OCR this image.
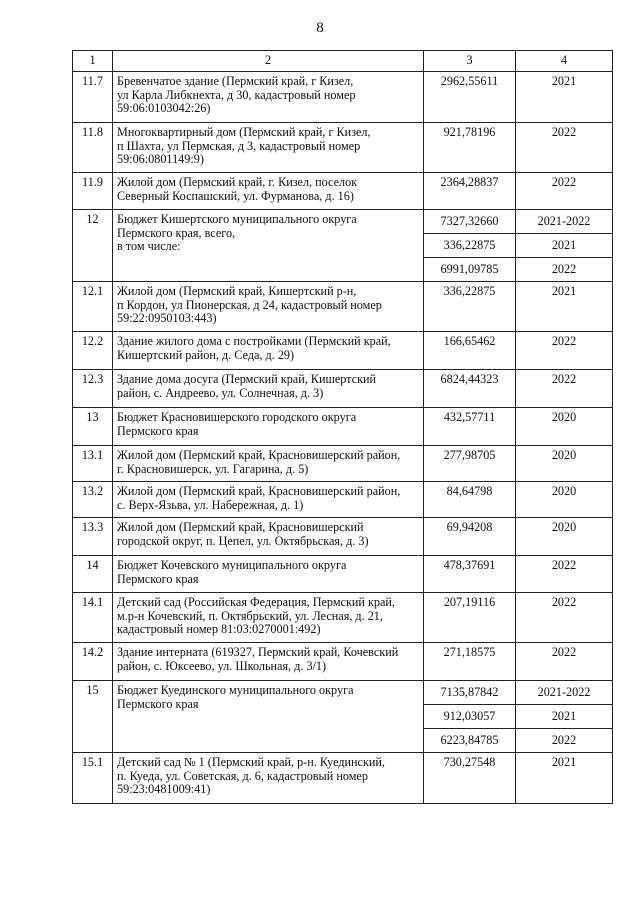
8
1	2	3	4
11.7	Бревенчатое здание (Пермский край, г Кизел,
ул Карла Либкнехта, д 30, кадастровый номер
59:06:0103042:26)	2962,55611	2021
11.8	Многоквартирный дом (Пермский край, г Кизел,
п Шахта, ул Пермская, д 3, кадастровый номер
59:06:0801149:9)	921,78196	2022
11.9	Жилой дом (Пермский край, г. Кизел, поселок
Северный Коспашский, ул. Фурманова, д. 16)	2364,28837	2022
12	Бюджет Кишертского муниципального округа
Пермского края, всего,
в том числе:	7327,32660	2021-2022
		336,22875	2021
		6991,09785	2022
12.1	Жилой дом (Пермский край, Кишертский р-н,
п Кордон, ул Пионерская, д 24, кадастровый номер
59:22:0950103:443)	336,22875	2021
12.2	Здание жилого дома с постройками (Пермский край,
Кишертский район, д. Седа, д. 29)	166,65462	2022
12.3	Здание дома досуга (Пермский край, Кишертский
район, с. Андреево, ул. Солнечная, д. 3)	6824,44323	2022
13	Бюджет Красновишерского городского округа
Пермского края	432,57711	2020
13.1	Жилой дом (Пермский край, Красновишерский район,
г. Красновишерск, ул. Гагарина, д. 5)	277,98705	2020
13.2	Жилой дом (Пермский край, Красновишерский район,
с. Верх-Язьва, ул. Набережная, д. 1)	84,64798	2020
13.3	Жилой дом (Пермский край, Красновишерский
городской округ, п. Цепел, ул. Октябрьская, д. 3)	69,94208	2020
14	Бюджет Кочевского муниципального округа
Пермского края	478,37691	2022
14.1	Детский сад (Российская Федерация, Пермский край,
м.р-н Кочевский, п. Октябрьский, ул. Лесная, д. 21,
кадастровый номер 81:03:0270001:492)	207,19116	2022
14.2	Здание интерната (619327, Пермский край, Кочевский
район, с. Юксеево, ул. Школьная, д. 3/1)	271,18575	2022
15	Бюджет Куединского муниципального округа
Пермского края	7135,87842	2021-2022
		912,03057	2021
		6223,84785	2022
15.1	Детский сад № 1 (Пермский край, р-н. Куединский,
п. Куеда, ул. Советская, д. 6, кадастровый номер
59:23:0481009:41)	730,27548	2021
